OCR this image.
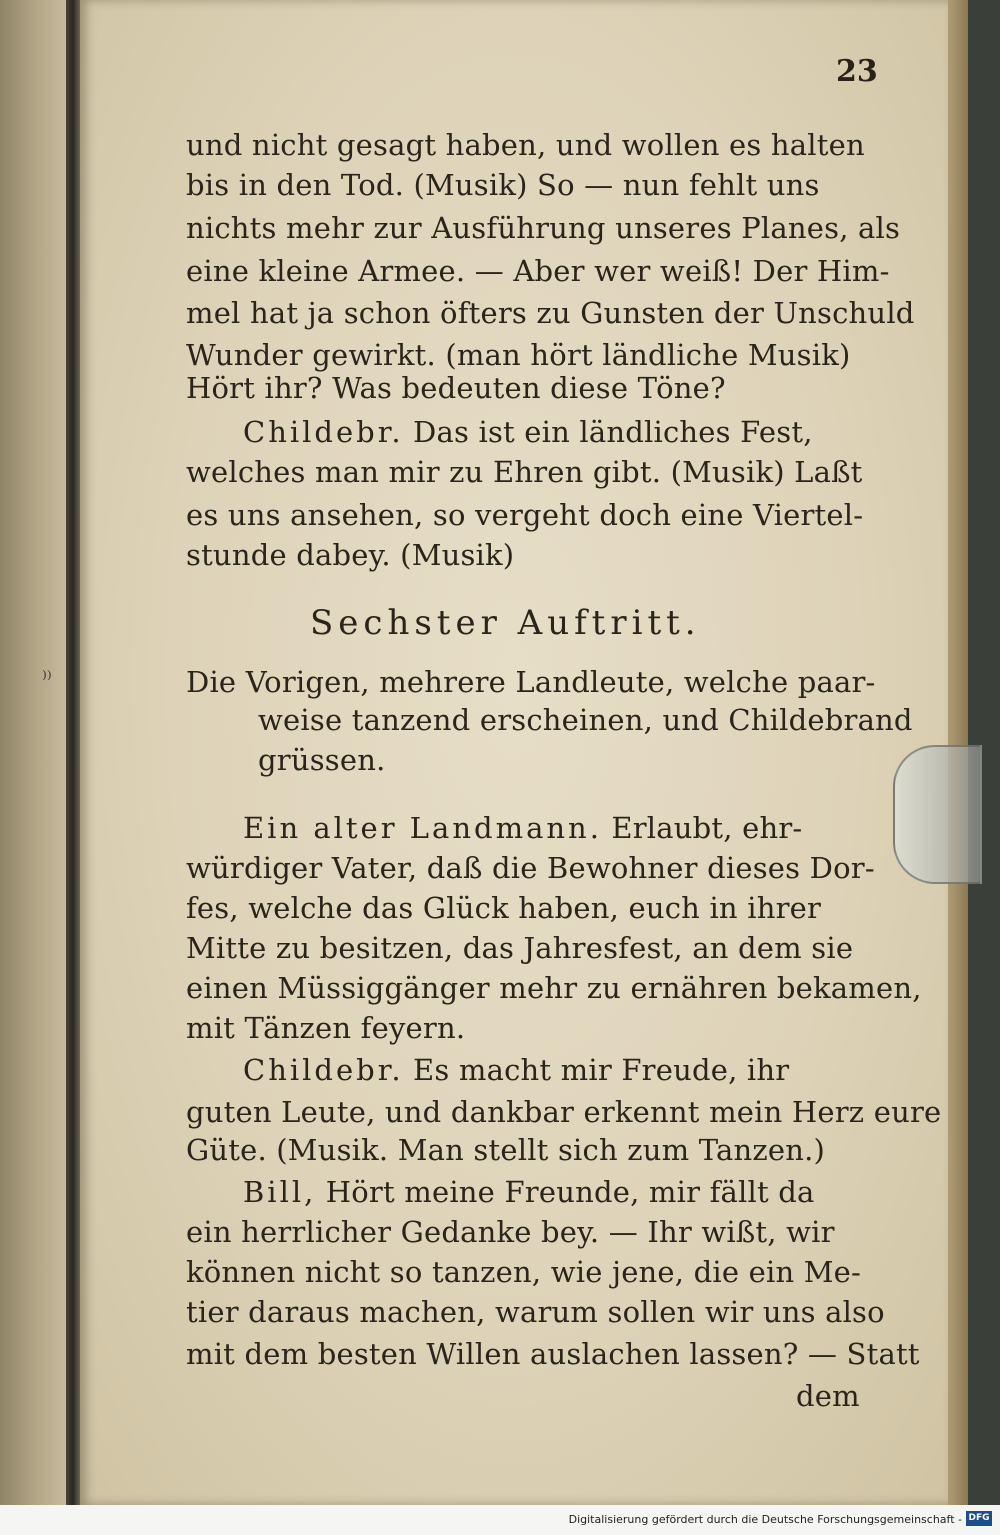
⁾⁾
23
und nicht gesagt haben, und wollen es halten
bis in den Tod. (Musik) So — nun fehlt uns
nichts mehr zur Ausführung unseres Planes, als
eine kleine Armee. — Aber wer weiß! Der Him-
mel hat ja schon öfters zu Gunsten der Unschuld
Wunder gewirkt. (man hört ländliche Musik)
Hört ihr? Was bedeuten diese Töne?
Childebr. Das ist ein ländliches Fest,
welches man mir zu Ehren gibt. (Musik) Laßt
es uns ansehen, so vergeht doch eine Viertel-
stunde dabey. (Musik)
Sechster Auftritt.
Die Vorigen, mehrere Landleute, welche paar-
weise tanzend erscheinen, und Childebrand
grüssen.
Ein alter Landmann. Erlaubt, ehr-
würdiger Vater, daß die Bewohner dieses Dor-
fes, welche das Glück haben, euch in ihrer
Mitte zu besitzen, das Jahresfest, an dem sie
einen Müssiggänger mehr zu ernähren bekamen,
mit Tänzen feyern.
Childebr. Es macht mir Freude, ihr
guten Leute, und dankbar erkennt mein Herz eure
Güte. (Musik. Man stellt sich zum Tanzen.)
Bill, Hört meine Freunde, mir fällt da
ein herrlicher Gedanke bey. — Ihr wißt, wir
können nicht so tanzen, wie jene, die ein Me-
tier daraus machen, warum sollen wir uns also
mit dem besten Willen auslachen lassen? — Statt
dem
Digitalisierung gefördert durch die Deutsche Forschungsgemeinschaft - DFG
